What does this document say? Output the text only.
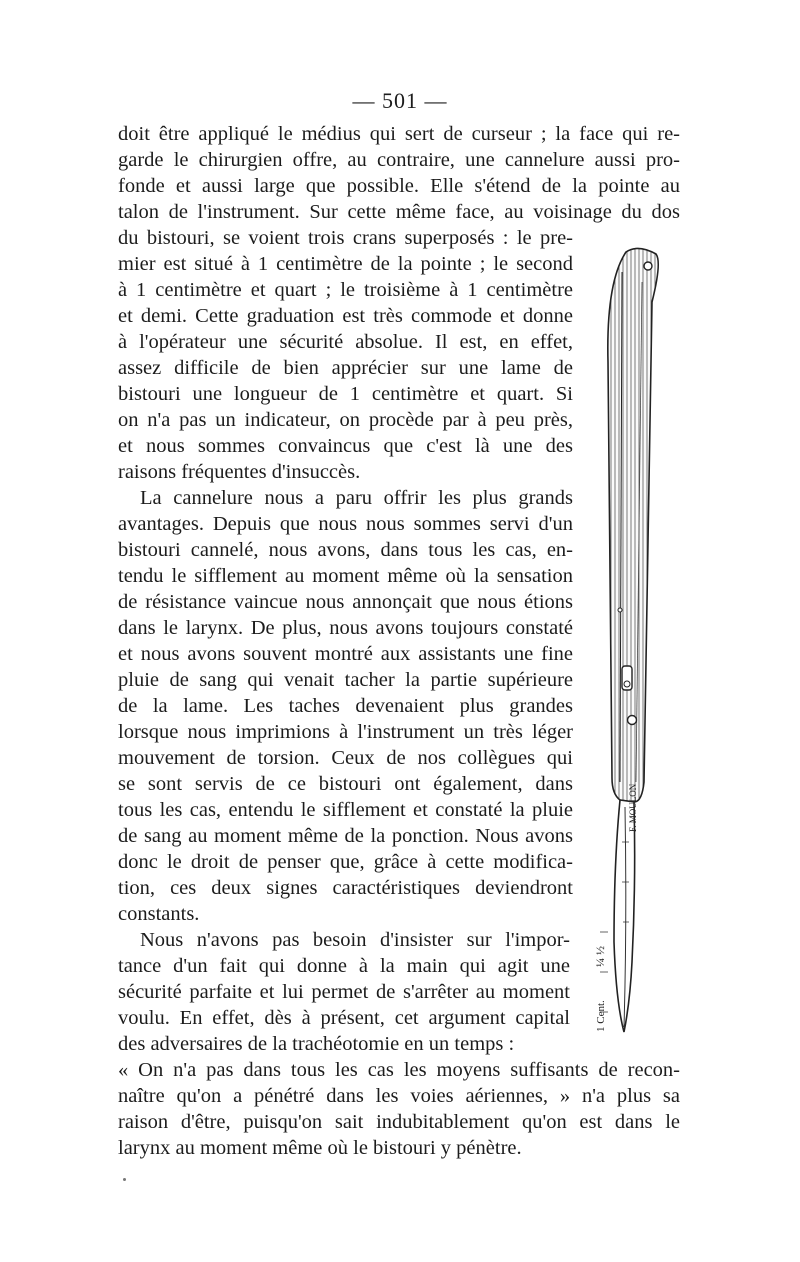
— 501 —
doit être appliqué le médius qui sert de curseur ; la face qui re-
garde le chirurgien offre, au contraire, une cannelure aussi pro-
fonde et aussi large que possible. Elle s'étend de la pointe au
talon de l'instrument. Sur cette même face, au voisinage du dos
du bistouri, se voient trois crans superposés : le pre-
mier est situé à 1 centimètre de la pointe ; le second
à 1 centimètre et quart ; le troisième à 1 centimètre
et demi. Cette graduation est très commode et donne
à l'opérateur une sécurité absolue. Il est, en effet,
assez difficile de bien apprécier sur une lame de
bistouri une longueur de 1 centimètre et quart. Si
on n'a pas un indicateur, on procède par à peu près,
et nous sommes convaincus que c'est là une des
raisons fréquentes d'insuccès.
La cannelure nous a paru offrir les plus grands
avantages. Depuis que nous nous sommes servi d'un
bistouri cannelé, nous avons, dans tous les cas, en-
tendu le sifflement au moment même où la sensation
de résistance vaincue nous annonçait que nous étions
dans le larynx. De plus, nous avons toujours constaté
et nous avons souvent montré aux assistants une fine
pluie de sang qui venait tacher la partie supérieure
de la lame. Les taches devenaient plus grandes
lorsque nous imprimions à l'instrument un très léger
mouvement de torsion. Ceux de nos collègues qui
se sont servis de ce bistouri ont également, dans
tous les cas, entendu le sifflement et constaté la pluie
de sang au moment même de la ponction. Nous avons
donc le droit de penser que, grâce à cette modifica-
tion, ces deux signes caractéristiques deviendront
constants.
Nous n'avons pas besoin d'insister sur l'impor-
tance d'un fait qui donne à la main qui agit une
sécurité parfaite et lui permet de s'arrêter au moment
voulu. En effet, dès à présent, cet argument capital
des adversaires de la trachéotomie en un temps :
« On n'a pas dans tous les cas les moyens suffisants de recon-
naître qu'on a pénétré dans les voies aériennes, » n'a plus sa
raison d'être, puisqu'on sait indubitablement qu'on est dans le
larynx au moment même où le bistouri y pénètre.
F. MOULON
¼ ½
1 Cent.
